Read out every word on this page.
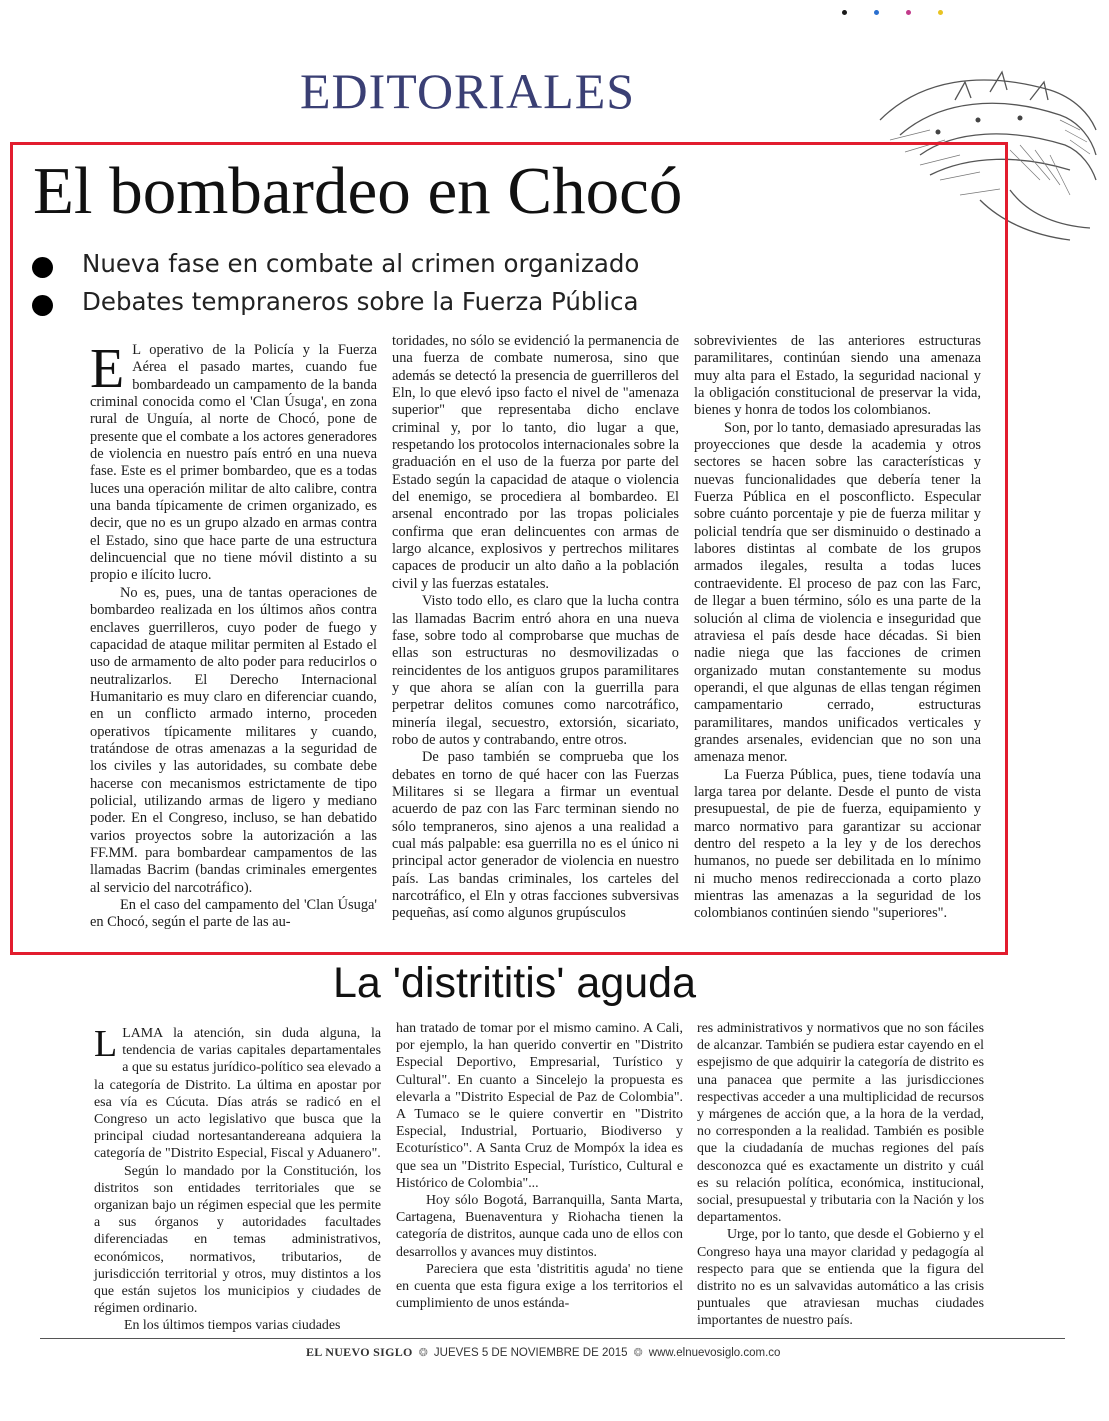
EDITORIALES
El bombardeo en Chocó
Nueva fase en combate al crimen organizado
Debates tempraneros sobre la Fuerza Pública

E L operativo de la Policía y la Fuerza Aérea el pasado martes, cuando fue bombardeado un campamento de la banda criminal conocida como el 'Clan Úsuga', en zona rural de Unguía, al norte de Chocó, pone de presente que el combate a los actores generadores de violencia en nuestro país entró en una nueva fase. Este es el primer bombardeo, que es a todas luces una operación militar de alto calibre, contra una banda típicamente de crimen organizado, es decir, que no es un grupo alzado en armas contra el Estado, sino que hace parte de una estructura delincuencial que no tiene móvil distinto a su propio e ilícito lucro.

No es, pues, una de tantas operaciones de bombardeo realizada en los últimos años contra enclaves guerrilleros, cuyo poder de fuego y capacidad de ataque militar permiten al Estado el uso de armamento de alto poder para reducirlos o neutralizarlos. El Derecho Internacional Humanitario es muy claro en diferenciar cuando, en un conflicto armado interno, proceden operativos típicamente militares y cuando, tratándose de otras amenazas a la seguridad de los civiles y las autoridades, su combate debe hacerse con mecanismos estrictamente de tipo policial, utilizando armas de ligero y mediano poder. En el Congreso, incluso, se han debatido varios proyectos sobre la autorización a las FF.MM. para bombardear campamentos de las llamadas Bacrim (bandas criminales emergentes al servicio del narcotráfico).

En el caso del campamento del 'Clan Úsuga' en Chocó, según el parte de las au-

toridades, no sólo se evidenció la permanencia de una fuerza de combate numerosa, sino que además se detectó la presencia de guerrilleros del Eln, lo que elevó ipso facto el nivel de "amenaza superior" que representaba dicho enclave criminal y, por lo tanto, dio lugar a que, respetando los protocolos internacionales sobre la graduación en el uso de la fuerza por parte del Estado según la capacidad de ataque o violencia del enemigo, se procediera al bombardeo. El arsenal encontrado por las tropas policiales confirma que eran delincuentes con armas de largo alcance, explosivos y pertrechos militares capaces de producir un alto daño a la población civil y las fuerzas estatales.

Visto todo ello, es claro que la lucha contra las llamadas Bacrim entró ahora en una nueva fase, sobre todo al comprobarse que muchas de ellas son estructuras no desmovilizadas o reincidentes de los antiguos grupos paramilitares y que ahora se alían con la guerrilla para perpetrar delitos comunes como narcotráfico, minería ilegal, secuestro, extorsión, sicariato, robo de autos y contrabando, entre otros.

De paso también se comprueba que los debates en torno de qué hacer con las Fuerzas Militares si se llegara a firmar un eventual acuerdo de paz con las Farc terminan siendo no sólo tempraneros, sino ajenos a una realidad a cual más palpable: esa guerrilla no es el único ni principal actor generador de violencia en nuestro país. Las bandas criminales, los carteles del narcotráfico, el Eln y otras facciones subversivas pequeñas, así como algunos grupúsculos

sobrevivientes de las anteriores estructuras paramilitares, continúan siendo una amenaza muy alta para el Estado, la seguridad nacional y la obligación constitucional de preservar la vida, bienes y honra de todos los colombianos.

Son, por lo tanto, demasiado apresuradas las proyecciones que desde la academia y otros sectores se hacen sobre las características y nuevas funcionalidades que debería tener la Fuerza Pública en el posconflicto. Especular sobre cuánto porcentaje y pie de fuerza militar y policial tendría que ser disminuido o destinado a labores distintas al combate de los grupos armados ilegales, resulta a todas luces contraevidente. El proceso de paz con las Farc, de llegar a buen término, sólo es una parte de la solución al clima de violencia e inseguridad que atraviesa el país desde hace décadas. Si bien nadie niega que las facciones de crimen organizado mutan constantemente su modus operandi, el que algunas de ellas tengan régimen campamentario cerrado, estructuras paramilitares, mandos unificados verticales y grandes arsenales, evidencian que no son una amenaza menor.

La Fuerza Pública, pues, tiene todavía una larga tarea por delante. Desde el punto de vista presupuestal, de pie de fuerza, equipamiento y marco normativo para garantizar su accionar dentro del respeto a la ley y de los derechos humanos, no puede ser debilitada en lo mínimo ni mucho menos redireccionada a corto plazo mientras las amenazas a la seguridad de los colombianos continúen siendo "superiores".

La 'distrititis' aguda

LLAMA la atención, sin duda alguna, la tendencia de varias capitales departamentales a que su estatus jurídico-político sea elevado a la categoría de Distrito. La última en apostar por esa vía es Cúcuta. Días atrás se radicó en el Congreso un acto legislativo que busca que la principal ciudad nortesantandereana adquiera la categoría de "Distrito Especial, Fiscal y Aduanero".

Según lo mandado por la Constitución, los distritos son entidades territoriales que se organizan bajo un régimen especial que les permite a sus órganos y autoridades facultades diferenciadas en temas administrativos, económicos, normativos, tributarios, de jurisdicción territorial y otros, muy distintos a los que están sujetos los municipios y ciudades de régimen ordinario.

En los últimos tiempos varias ciudades

han tratado de tomar por el mismo camino. A Cali, por ejemplo, la han querido convertir en "Distrito Especial Deportivo, Empresarial, Turístico y Cultural". En cuanto a Sincelejo la propuesta es elevarla a "Distrito Especial de Paz de Colombia". A Tumaco se le quiere convertir en "Distrito Especial, Industrial, Portuario, Biodiverso y Ecoturístico". A Santa Cruz de Mompóx la idea es que sea un "Distrito Especial, Turístico, Cultural e Histórico de Colombia"...

Hoy sólo Bogotá, Barranquilla, Santa Marta, Cartagena, Buenaventura y Riohacha tienen la categoría de distritos, aunque cada uno de ellos con desarrollos y avances muy distintos.

Pareciera que esta 'distrititis aguda' no tiene en cuenta que esta figura exige a los territorios el cumplimiento de unos estánda-

res administrativos y normativos que no son fáciles de alcanzar. También se pudiera estar cayendo en el espejismo de que adquirir la categoría de distrito es una panacea que permite a las jurisdicciones respectivas acceder a una multiplicidad de recursos y márgenes de acción que, a la hora de la verdad, no corresponden a la realidad. También es posible que la ciudadanía de muchas regiones del país desconozca qué es exactamente un distrito y cuál es su relación política, económica, institucional, social, presupuestal y tributaria con la Nación y los departamentos.

Urge, por lo tanto, que desde el Gobierno y el Congreso haya una mayor claridad y pedagogía al respecto para que se entienda que la figura del distrito no es un salvavidas automático a las crisis puntuales que atraviesan muchas ciudades importantes de nuestro país.

EL NUEVO SIGLO ❂ JUEVES 5 DE NOVIEMBRE DE 2015 ❂ www.elnuevosiglo.com.co
